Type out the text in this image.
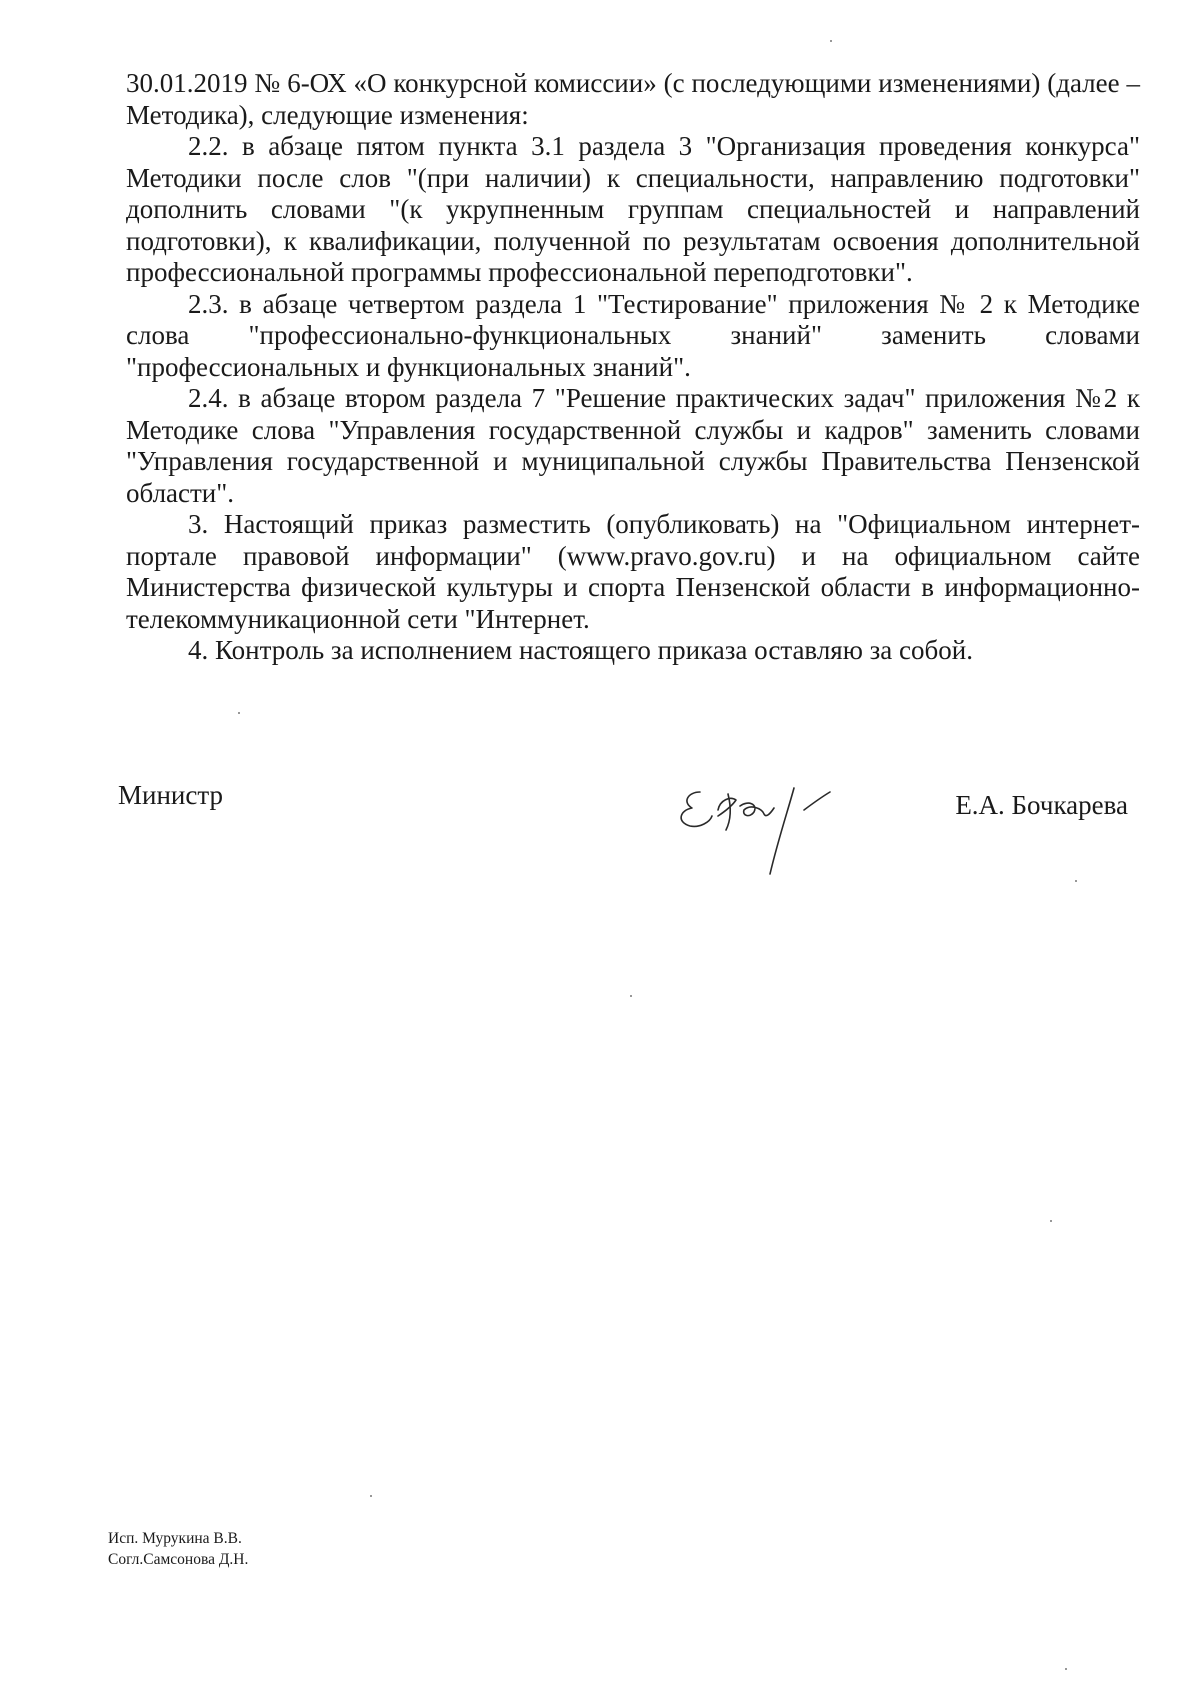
30.01.2019 № 6-ОХ «О конкурсной комиссии» (с последующими изменениями) (далее – Методика), следующие изменения:

2.2. в абзаце пятом пункта 3.1 раздела 3 "Организация проведения конкурса" Методики после слов "(при наличии) к специальности, направлению подготовки" дополнить словами "(к укрупненным группам специальностей и направлений подготовки), к квалификации, полученной по результатам освоения дополнительной профессиональной программы профессиональной переподготовки".

2.3. в абзаце четвертом раздела 1 "Тестирование" приложения № 2 к Методике слова "профессионально-функциональных знаний" заменить словами "профессиональных и функциональных знаний".

2.4. в абзаце втором раздела 7 "Решение практических задач" приложения №2 к Методике слова "Управления государственной службы и кадров" заменить словами "Управления государственной и муниципальной службы Правительства Пензенской области".

3. Настоящий приказ разместить (опубликовать) на "Официальном интернет-портале правовой информации" (www.pravo.gov.ru) и на официальном сайте Министерства физической культуры и спорта Пензенской области в информационно-телекоммуникационной сети "Интернет.

4. Контроль за исполнением настоящего приказа оставляю за собой.

Министр	Е.А. Бочкарева
Исп. Мурукина В.В.
Согл.Самсонова Д.Н.
